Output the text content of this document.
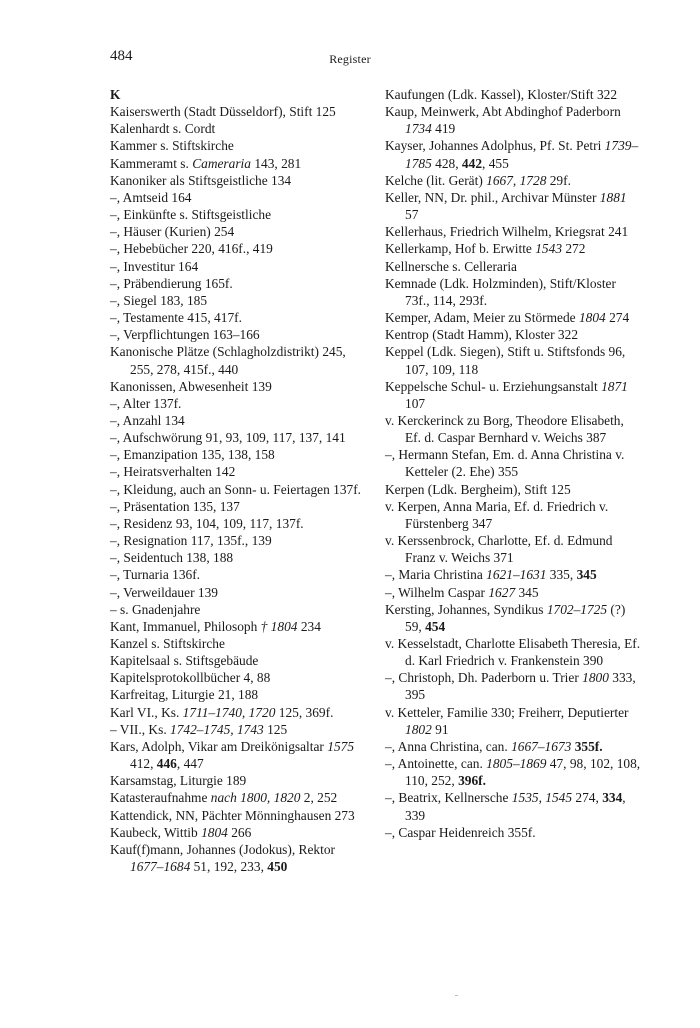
484	Register
K
Kaiserswerth (Stadt Düsseldorf), Stift 125
Kalenhardt s. Cordt
Kammer s. Stiftskirche
Kammeramt s. Cameraria 143, 281
Kanoniker als Stiftsgeistliche 134
–, Amtseid 164
–, Einkünfte s. Stiftsgeistliche
–, Häuser (Kurien) 254
–, Hebebücher 220, 416f., 419
–, Investitur 164
–, Präbendierung 165f.
–, Siegel 183, 185
–, Testamente 415, 417f.
–, Verpflichtungen 163–166
Kanonische Plätze (Schlagholzdistrikt) 245, 255, 278, 415f., 440
Kanonissen, Abwesenheit 139
–, Alter 137f.
–, Anzahl 134
–, Aufschwörung 91, 93, 109, 117, 137, 141
–, Emanzipation 135, 138, 158
–, Heiratsverhalten 142
–, Kleidung, auch an Sonn- u. Feiertagen 137f.
–, Präsentation 135, 137
–, Residenz 93, 104, 109, 117, 137f.
–, Resignation 117, 135f., 139
–, Seidentuch 138, 188
–, Turnaria 136f.
–, Verweildauer 139
– s. Gnadenjahre
Kant, Immanuel, Philosoph † 1804 234
Kanzel s. Stiftskirche
Kapitelsaal s. Stiftsgebäude
Kapitelsprotokollbücher 4, 88
Karfreitag, Liturgie 21, 188
Karl VI., Ks. 1711–1740, 1720 125, 369f.
– VII., Ks. 1742–1745, 1743 125
Kars, Adolph, Vikar am Dreikönigsaltar 1575 412, 446, 447
Karsamstag, Liturgie 189
Katasteraufnahme nach 1800, 1820 2, 252
Kattendick, NN, Pächter Mönninghausen 273
Kaubeck, Wittib 1804 266
Kauf(f)mann, Johannes (Jodokus), Rektor 1677–1684 51, 192, 233, 450
Kaufungen (Ldk. Kassel), Kloster/Stift 322
Kaup, Meinwerk, Abt Abdinghof Paderborn 1734 419
Kayser, Johannes Adolphus, Pf. St. Petri 1739–1785 428, 442, 455
Kelche (lit. Gerät) 1667, 1728 29f.
Keller, NN, Dr. phil., Archivar Münster 1881 57
Kellerhaus, Friedrich Wilhelm, Kriegsrat 241
Kellerkamp, Hof b. Erwitte 1543 272
Kellnersche s. Celleraria
Kemnade (Ldk. Holzminden), Stift/Kloster 73f., 114, 293f.
Kemper, Adam, Meier zu Störmede 1804 274
Kentrop (Stadt Hamm), Kloster 322
Keppel (Ldk. Siegen), Stift u. Stiftsfonds 96, 107, 109, 118
Keppelsche Schul- u. Erziehungsanstalt 1871 107
v. Kerckerinck zu Borg, Theodore Elisabeth, Ef. d. Caspar Bernhard v. Weichs 387
–, Hermann Stefan, Em. d. Anna Christina v. Ketteler (2. Ehe) 355
Kerpen (Ldk. Bergheim), Stift 125
v. Kerpen, Anna Maria, Ef. d. Friedrich v. Fürstenberg 347
v. Kerssenbrock, Charlotte, Ef. d. Edmund Franz v. Weichs 371
–, Maria Christina 1621–1631 335, 345
–, Wilhelm Caspar 1627 345
Kersting, Johannes, Syndikus 1702–1725 (?) 59, 454
v. Kesselstadt, Charlotte Elisabeth Theresia, Ef. d. Karl Friedrich v. Frankenstein 390
–, Christoph, Dh. Paderborn u. Trier 1800 333, 395
v. Ketteler, Familie 330; Freiherr, Deputierter 1802 91
–, Anna Christina, can. 1667–1673 355f.
–, Antoinette, can. 1805–1869 47, 98, 102, 108, 110, 252, 396f.
–, Beatrix, Kellnersche 1535, 1545 274, 334, 339
–, Caspar Heidenreich 355f.
